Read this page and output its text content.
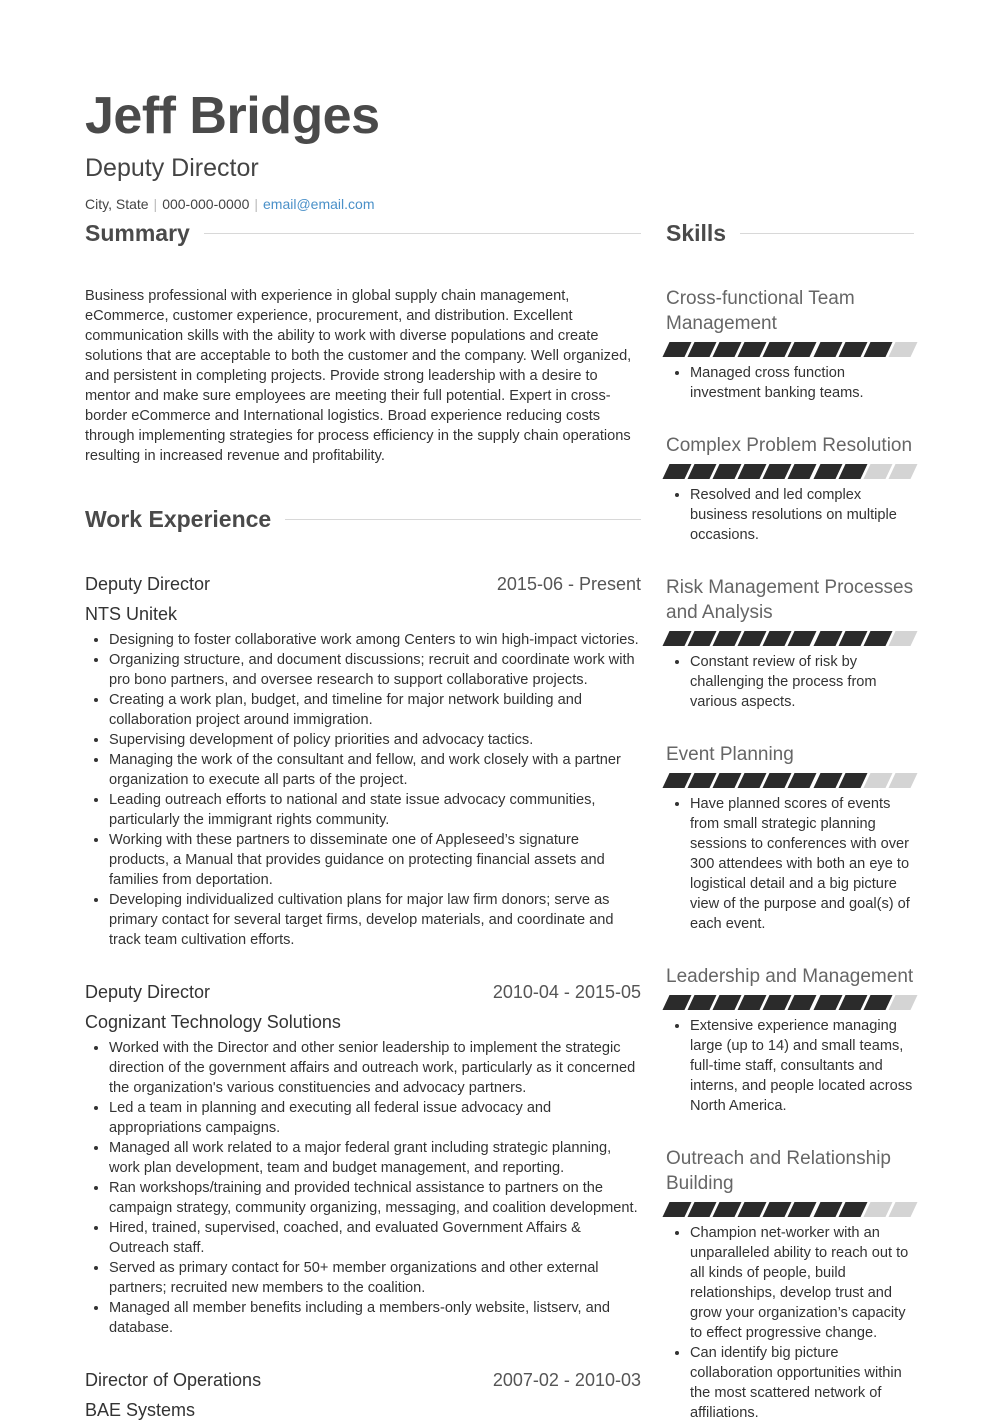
Jeff Bridges
Deputy Director
City, State | 000-000-0000 | email@email.com
Summary
Business professional with experience in global supply chain management, eCommerce, customer experience, procurement, and distribution. Excellent communication skills with the ability to work with diverse populations and create solutions that are acceptable to both the customer and the company. Well organized, and persistent in completing projects. Provide strong leadership with a desire to mentor and make sure employees are meeting their full potential. Expert in cross-border eCommerce and International logistics. Broad experience reducing costs through implementing strategies for process efficiency in the supply chain operations resulting in increased revenue and profitability.
Work Experience
Deputy Director	2015-06 - Present
NTS Unitek
• Designing to foster collaborative work among Centers to win high-impact victories.
• Organizing structure, and document discussions; recruit and coordinate work with pro bono partners, and oversee research to support collaborative projects.
• Creating a work plan, budget, and timeline for major network building and collaboration project around immigration.
• Supervising development of policy priorities and advocacy tactics.
• Managing the work of the consultant and fellow, and work closely with a partner organization to execute all parts of the project.
• Leading outreach efforts to national and state issue advocacy communities, particularly the immigrant rights community.
• Working with these partners to disseminate one of Appleseed’s signature products, a Manual that provides guidance on protecting financial assets and families from deportation.
• Developing individualized cultivation plans for major law firm donors; serve as primary contact for several target firms, develop materials, and coordinate and track team cultivation efforts.
Deputy Director	2010-04 - 2015-05
Cognizant Technology Solutions
• Worked with the Director and other senior leadership to implement the strategic direction of the government affairs and outreach work, particularly as it concerned the organization's various constituencies and advocacy partners.
• Led a team in planning and executing all federal issue advocacy and appropriations campaigns.
• Managed all work related to a major federal grant including strategic planning, work plan development, team and budget management, and reporting.
• Ran workshops/training and provided technical assistance to partners on the campaign strategy, community organizing, messaging, and coalition development.
• Hired, trained, supervised, coached, and evaluated Government Affairs & Outreach staff.
• Served as primary contact for 50+ member organizations and other external partners; recruited new members to the coalition.
• Managed all member benefits including a members-only website, listserv, and database.
Director of Operations	2007-02 - 2010-03
BAE Systems
Skills
Cross-functional Team Management
• Managed cross function investment banking teams.
Complex Problem Resolution
• Resolved and led complex business resolutions on multiple occasions.
Risk Management Processes and Analysis
• Constant review of risk by challenging the process from various aspects.
Event Planning
• Have planned scores of events from small strategic planning sessions to conferences with over 300 attendees with both an eye to logistical detail and a big picture view of the purpose and goal(s) of each event.
Leadership and Management
• Extensive experience managing large (up to 14) and small teams, full-time staff, consultants and interns, and people located across North America.
Outreach and Relationship Building
• Champion net-worker with an unparalleled ability to reach out to all kinds of people, build relationships, develop trust and grow your organization’s capacity to effect progressive change.
• Can identify big picture collaboration opportunities within the most scattered network of affiliations.
